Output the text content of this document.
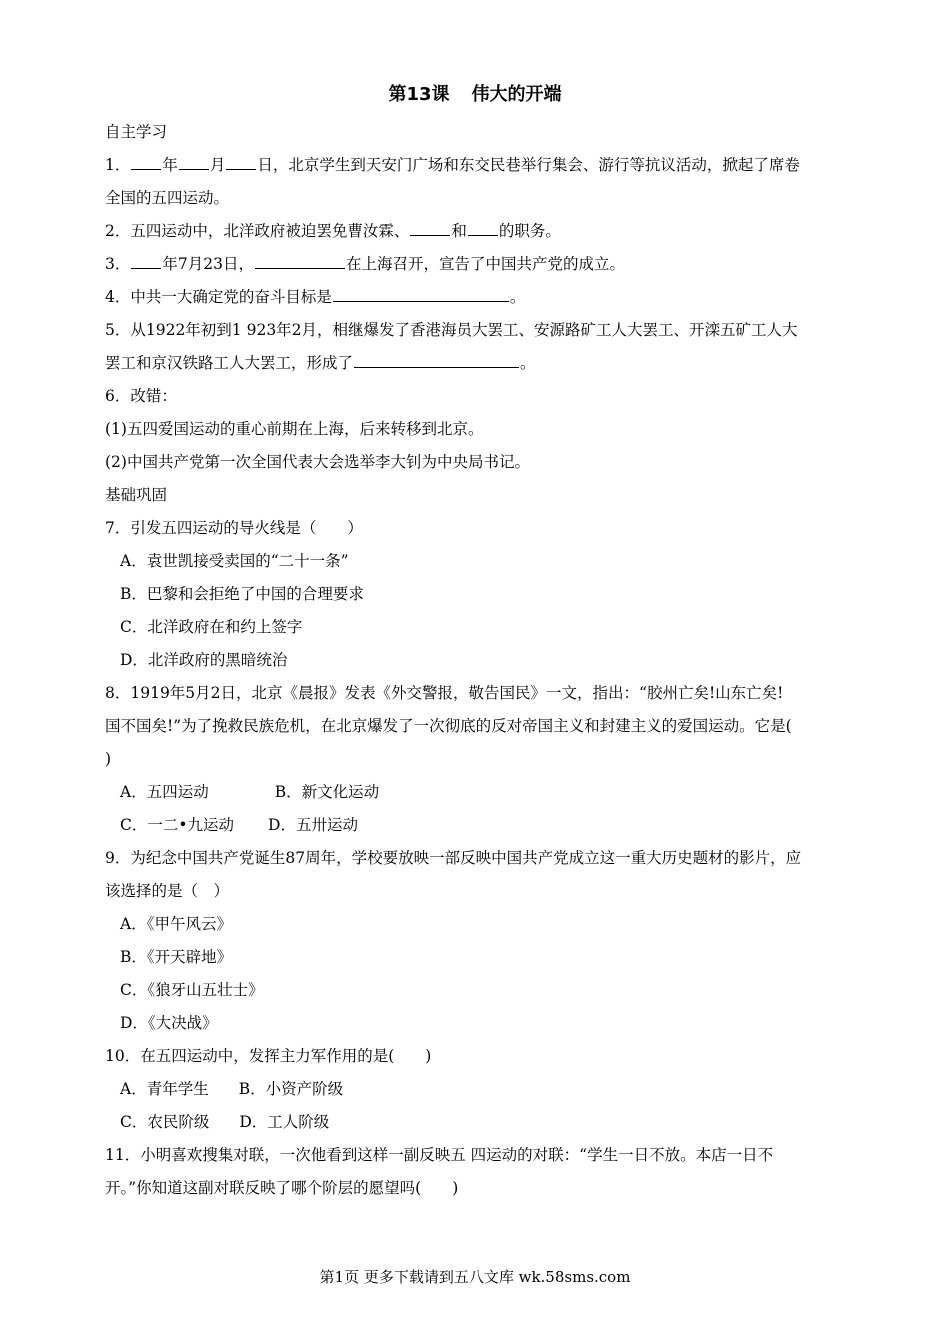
第13课 伟大的开端
自主学习
1． 年 月 日，北京学生到天安门广场和东交民巷举行集会、游行等抗议活动，掀起了席卷
全国的五四运动。
2．五四运动中，北洋政府被迫罢免曹汝霖、	和 的职务。
3． 年7月23日，	在上海召开，宣告了中国共产党的成立。
4．中共一大确定党的奋斗目标是	。
5．从1922年初到1 923年2月，相继爆发了香港海员大罢工、安源路矿工人大罢工、开滦五矿工人大
罢工和京汉铁路工人大罢工，形成了	。
6．改错：
(1)五四爱国运动的重心前期在上海，后来转移到北京。
(2)中国共产党第一次全国代表大会选举李大钊为中央局书记。
基础巩固
7．引发五四运动的导火线是（　　）
A．袁世凯接受卖国的“二十一条”
B．巴黎和会拒绝了中国的合理要求
C．北洋政府在和约上签字
D．北洋政府的黑暗统治
8．1919年5月2日，北京《晨报》发表《外交警报，敬告国民》一文，指出：“胶州亡矣!山东亡矣!
国不国矣!”为了挽救民族危机，在北京爆发了一次彻底的反对帝国主义和封建主义的爱国运动。它是(
)
A．五四运动	B．新文化运动
C．一二•九运动 D．五卅运动
9．为纪念中国共产党诞生87周年，学校要放映一部反映中国共产党成立这一重大历史题材的影片，应
该选择的是（　）
A．《甲午风云》
B．《开天辟地》
C．《狼牙山五壮士》
D．《大决战》
10．在五四运动中，发挥主力军作用的是(　　)
A．青年学生 B．小资产阶级
C．农民阶级 D．工人阶级
11．小明喜欢搜集对联，一次他看到这样一副反映五 四运动的对联：“学生一日不放。本店一日不
开。”你知道这副对联反映了哪个阶层的愿望吗(　　)
第1页 更多下载请到五八文库 wk.58sms.com
